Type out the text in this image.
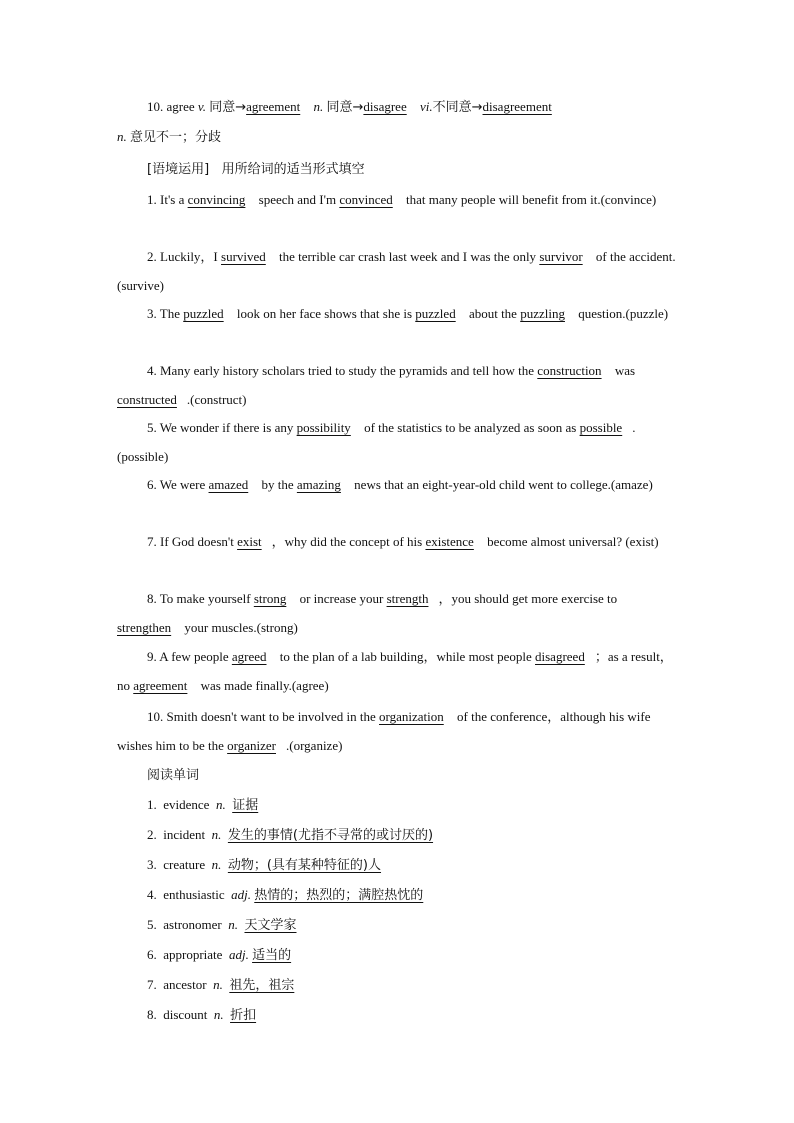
10. agree v. 同意→agreement n. 同意→disagree vi.不同意→disagreement
n. 意见不一；分歧
[语境运用] 用所给词的适当形式填空
1. It's a convincing speech and I'm convinced that many people will benefit from it.(convince)
2. Luckily，I survived the terrible car crash last week and I was the only survivor of the accident.(survive)
3. The puzzled look on her face shows that she is puzzled about the puzzling question.(puzzle)
4. Many early history scholars tried to study the pyramids and tell how the construction was constructed .(construct)
5. We wonder if there is any possibility of the statistics to be analyzed as soon as possible .(possible)
6. We were amazed by the amazing news that an eight-year-old child went to college.(amaze)
7. If God doesn't exist ，why did the concept of his existence become almost universal? (exist)
8. To make yourself strong or increase your strength ，you should get more exercise to strengthen your muscles.(strong)
9. A few people agreed to the plan of a lab building，while most people disagreed ；as a result，no agreement was made finally.(agree)
10. Smith doesn't want to be involved in the organization of the conference，although his wife wishes him to be the organizer .(organize)
阅读单词
1. evidence n. 证据
2. incident n. 发生的事情(尤指不寻常的或讨厌的)
3. creature n. 动物；(具有某种特征的)人
4. enthusiastic adj. 热情的；热烈的；满腔热忱的
5. astronomer n. 天文学家
6. appropriate adj. 适当的
7. ancestor n. 祖先，祖宗
8. discount n. 折扣
